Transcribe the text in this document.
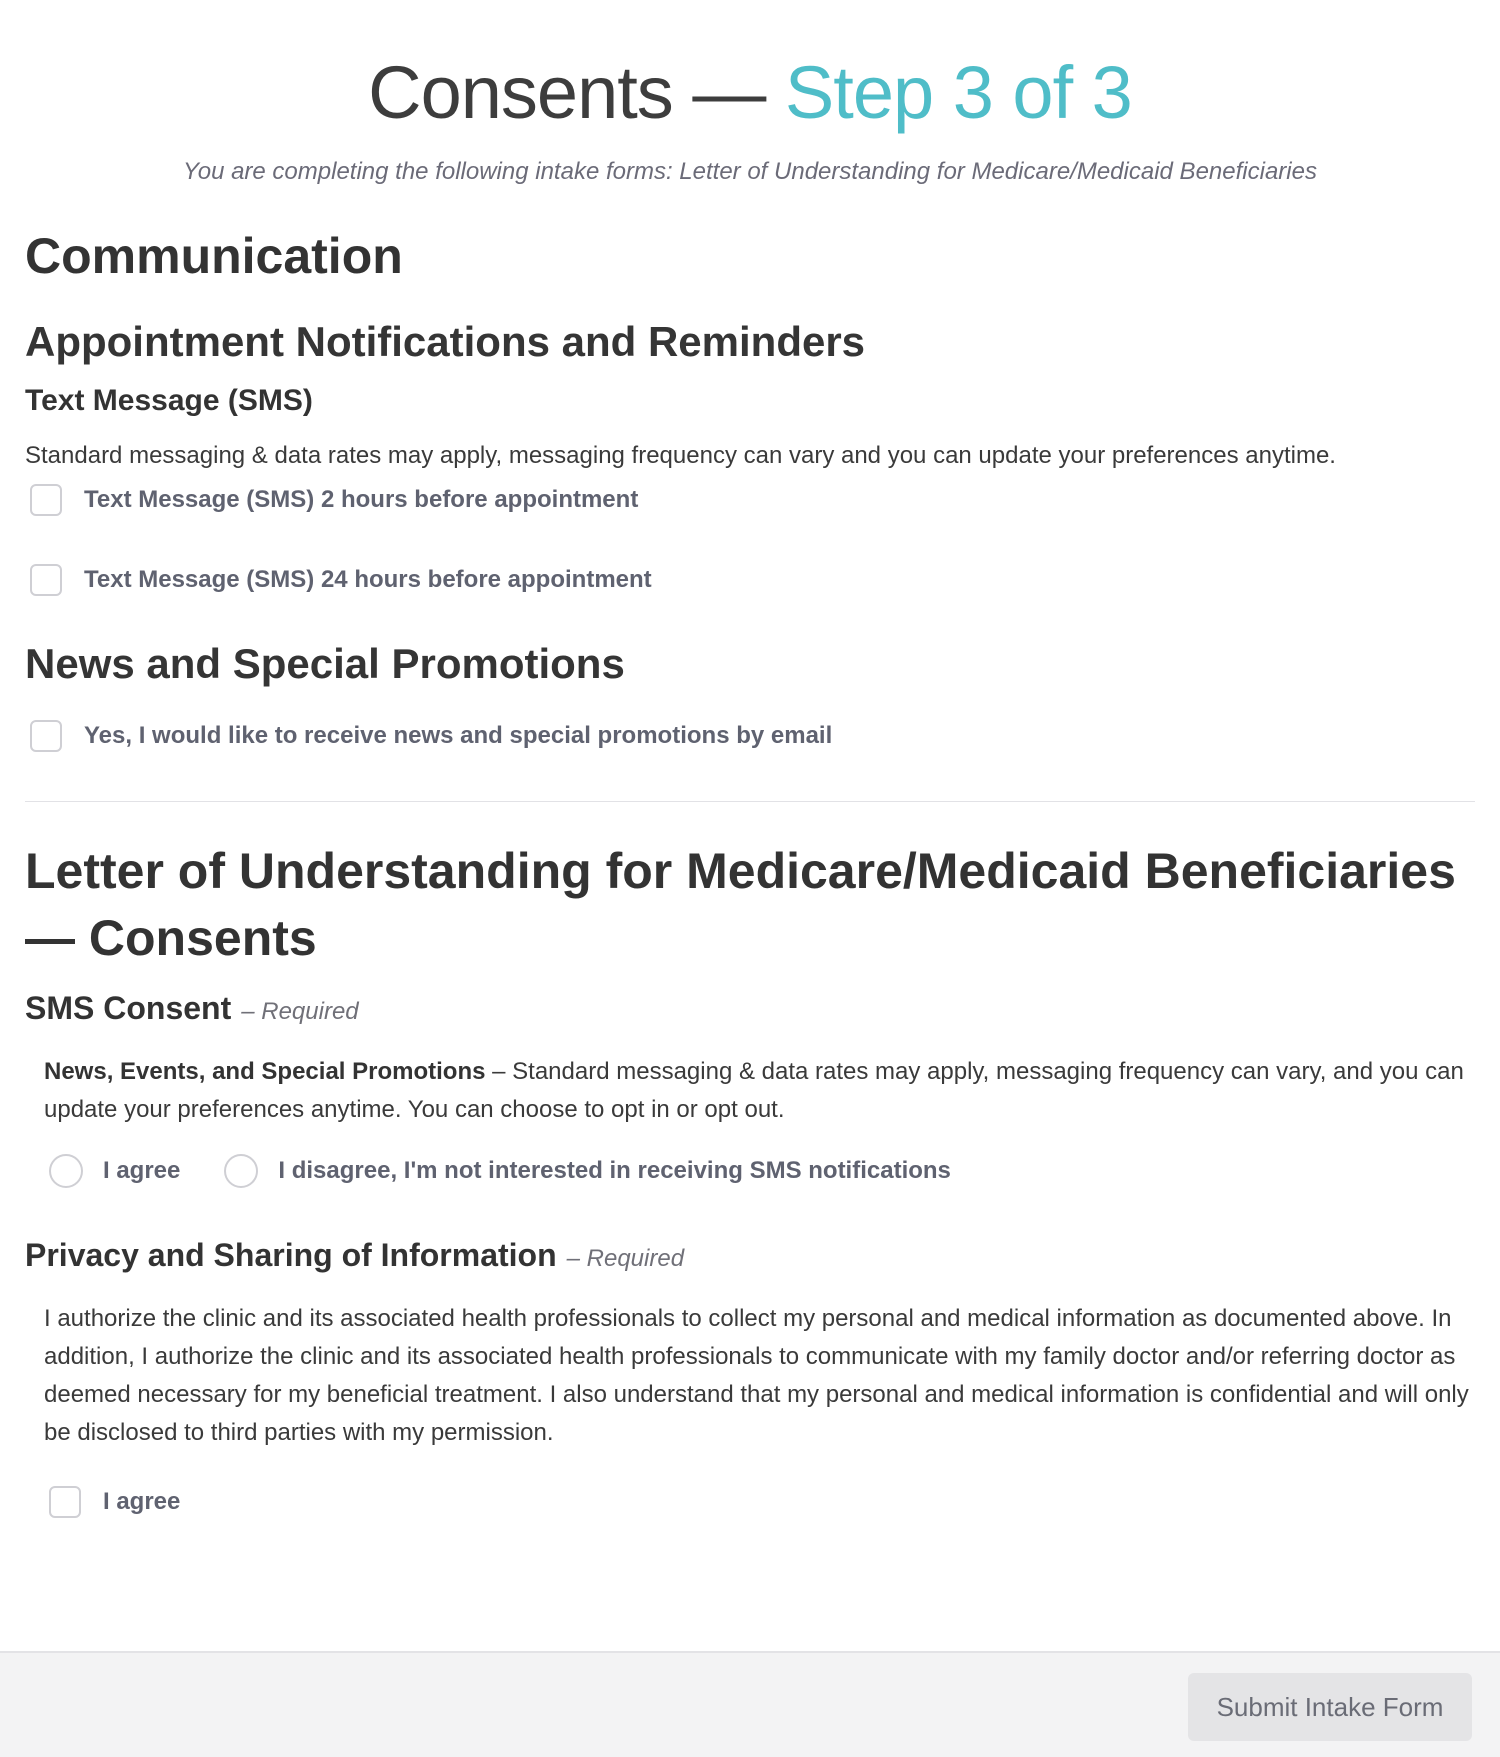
Consents — Step 3 of 3

You are completing the following intake forms: Letter of Understanding for Medicare/Medicaid Beneficiaries

Communication
Appointment Notifications and Reminders
Text Message (SMS)

Standard messaging & data rates may apply, messaging frequency can vary and you can update your preferences anytime.

Text Message (SMS) 2 hours before appointment
Text Message (SMS) 24 hours before appointment
News and Special Promotions
Yes, I would like to receive news and special promotions by email
Letter of Understanding for Medicare/Medicaid Beneficiaries — Consents
SMS Consent – Required
News, Events, and Special Promotions – Standard messaging & data rates may apply, messaging frequency can vary, and you can update your preferences anytime. You can choose to opt in or opt out.
I agree	I disagree, I'm not interested in receiving SMS notifications
Privacy and Sharing of Information – Required
I authorize the clinic and its associated health professionals to collect my personal and medical information as documented above. In addition, I authorize the clinic and its associated health professionals to communicate with my family doctor and/or referring doctor as deemed necessary for my beneficial treatment. I also understand that my personal and medical information is confidential and will only be disclosed to third parties with my permission.
I agree
Submit Intake Form
